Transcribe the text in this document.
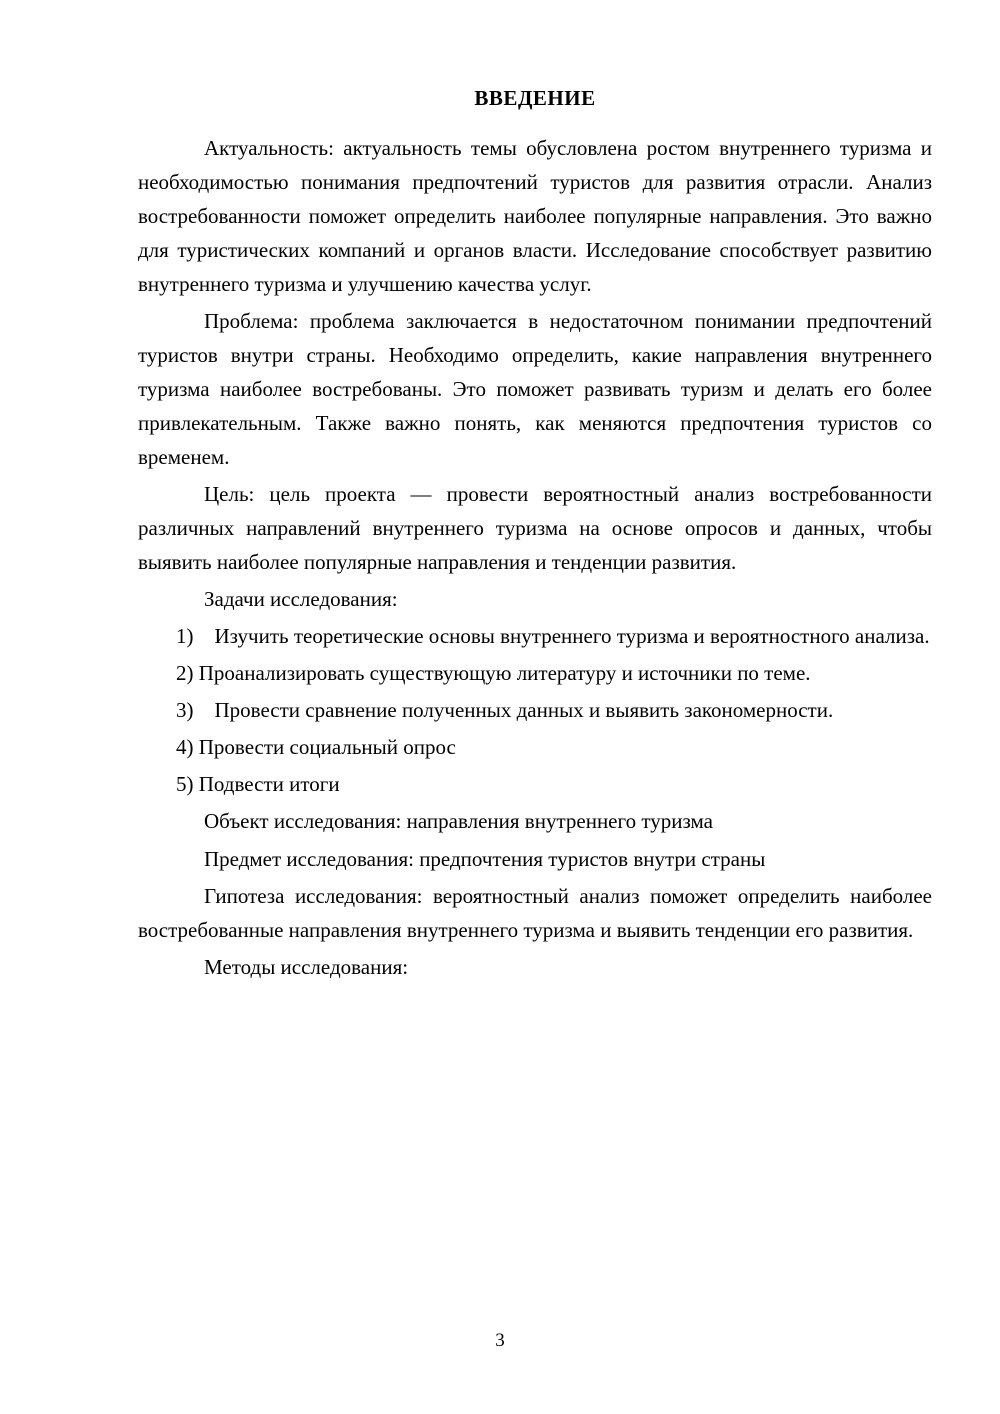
ВВЕДЕНИЕ

Актуальность: актуальность темы обусловлена ростом внутреннего туризма и необходимостью понимания предпочтений туристов для развития отрасли. Анализ востребованности поможет определить наиболее популярные направления. Это важно для туристических компаний и органов власти. Исследование способствует развитию внутреннего туризма и улучшению качества услуг.

Проблема: проблема заключается в недостаточном понимании предпочтений туристов внутри страны. Необходимо определить, какие направления внутреннего туризма наиболее востребованы. Это поможет развивать туризм и делать его более привлекательным. Также важно понять, как меняются предпочтения туристов со временем.

Цель: цель проекта — провести вероятностный анализ востребованности различных направлений внутреннего туризма на основе опросов и данных, чтобы выявить наиболее популярные направления и тенденции развития.

Задачи исследования:

1)    Изучить теоретические основы внутреннего туризма и вероятностного анализа.

2) Проанализировать существующую литературу и источники по теме.

3)    Провести сравнение полученных данных и выявить закономерности.

4) Провести социальный опрос

5) Подвести итоги

Объект исследования: направления внутреннего туризма

Предмет исследования: предпочтения туристов внутри страны

Гипотеза исследования: вероятностный анализ поможет определить наиболее востребованные направления внутреннего туризма и выявить тенденции его развития.

Методы исследования:

3
